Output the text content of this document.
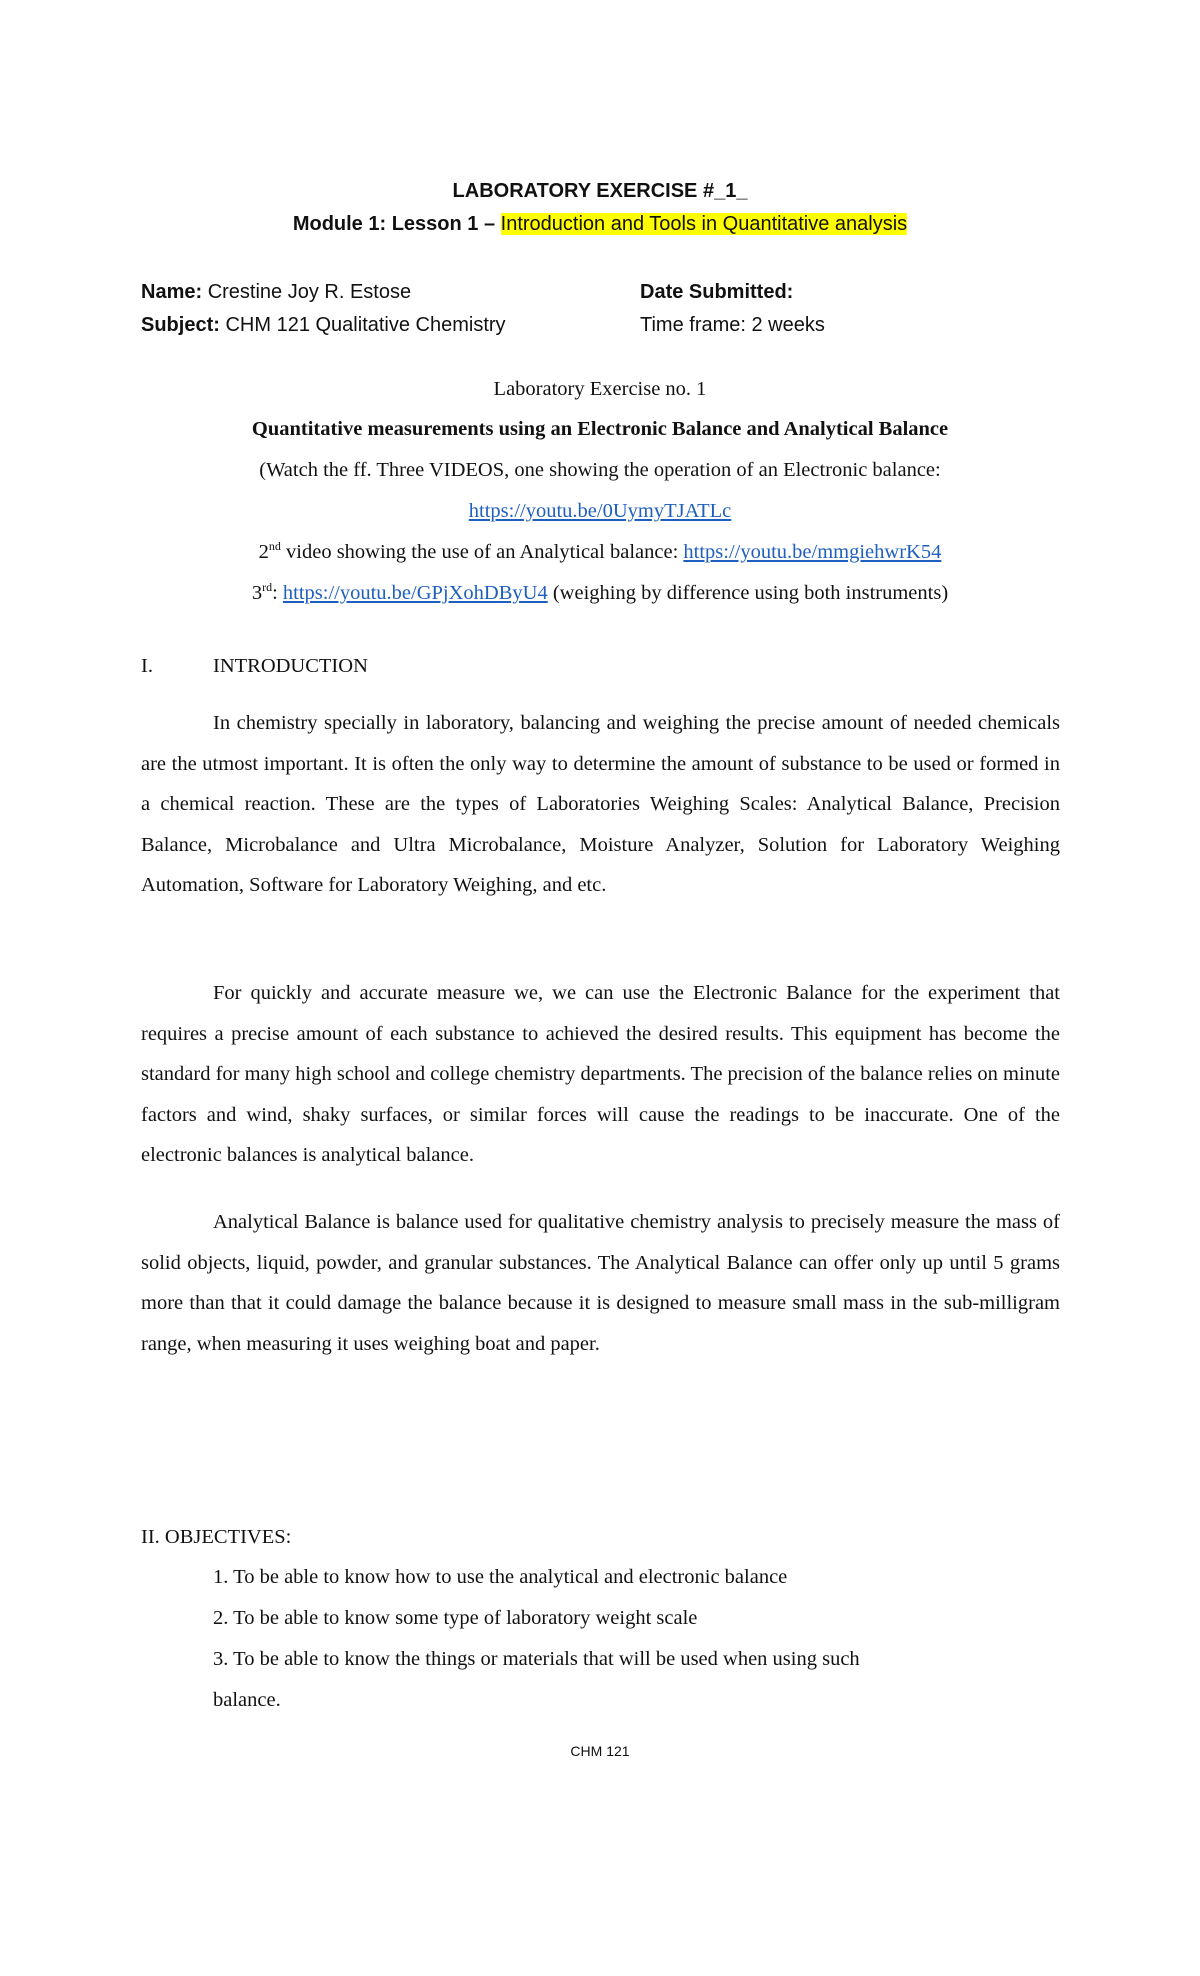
LABORATORY EXERCISE #_1_
Module 1: Lesson 1 – Introduction and Tools in Quantitative analysis
Name: Crestine Joy R. Estose
Subject: CHM 121 Qualitative Chemistry
Date Submitted:
Time frame: 2 weeks
Laboratory Exercise no. 1
Quantitative measurements using an Electronic Balance and Analytical Balance
(Watch the ff. Three VIDEOS, one showing the operation of an Electronic balance:
https://youtu.be/0UymyTJATLc
2nd video showing the use of an Analytical balance: https://youtu.be/mmgiehwrK54
3rd: https://youtu.be/GPjXohDByU4 (weighing by difference using both instruments)
I.	INTRODUCTION

In chemistry specially in laboratory, balancing and weighing the precise amount of needed chemicals are the utmost important. It is often the only way to determine the amount of substance to be used or formed in a chemical reaction. These are the types of Laboratories Weighing Scales: Analytical Balance, Precision Balance, Microbalance and Ultra Microbalance, Moisture Analyzer, Solution for Laboratory Weighing Automation, Software for Laboratory Weighing, and etc.

For quickly and accurate measure we, we can use the Electronic Balance for the experiment that requires a precise amount of each substance to achieved the desired results. This equipment has become the standard for many high school and college chemistry departments. The precision of the balance relies on minute factors and wind, shaky surfaces, or similar forces will cause the readings to be inaccurate. One of the electronic balances is analytical balance.

Analytical Balance is balance used for qualitative chemistry analysis to precisely measure the mass of solid objects, liquid, powder, and granular substances. The Analytical Balance can offer only up until 5 grams more than that it could damage the balance because it is designed to measure small mass in the sub-milligram range, when measuring it uses weighing boat and paper.

II. OBJECTIVES:
1. To be able to know how to use the analytical and electronic balance
2. To be able to know some type of laboratory weight scale
3. To be able to know the things or materials that will be used when using such
balance.
CHM 121
